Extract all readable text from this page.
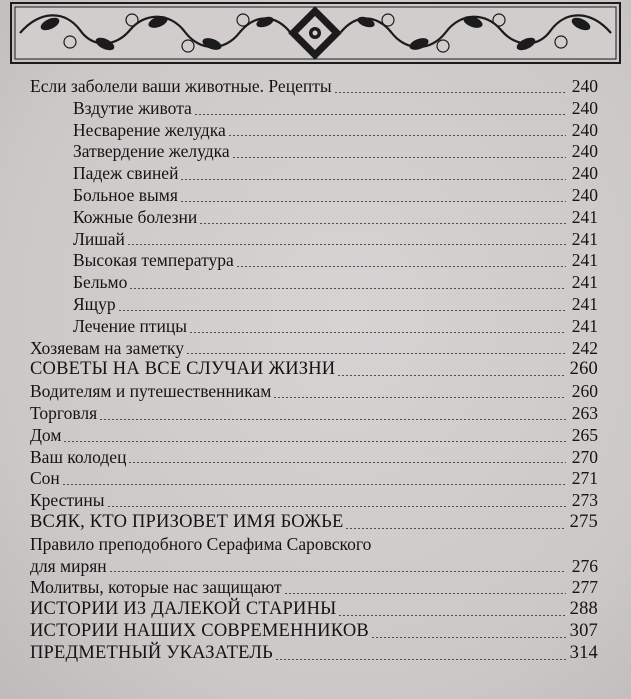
Если заболели ваши животные. Рецепты	240
Вздутие живота	240
Несварение желудка	240
Затвердение желудка	240
Падеж свиней	240
Больное вымя	240
Кожные болезни	241
Лишай	241
Высокая температура	241
Бельмо	241
Ящур	241
Лечение птицы	241
Хозяевам на заметку	242
СОВЕТЫ НА ВСЕ СЛУЧАИ ЖИЗНИ	260
Водителям и путешественникам	260
Торговля	263
Дом	265
Ваш колодец	270
Сон	271
Крестины	273
ВСЯК, КТО ПРИЗОВЕТ ИМЯ БОЖЬЕ	275
Правило преподобного Серафима Саровского
для мирян	276
Молитвы, которые нас защищают	277
ИСТОРИИ ИЗ ДАЛЕКОЙ СТАРИНЫ	288
ИСТОРИИ НАШИХ СОВРЕМЕННИКОВ	307
ПРЕДМЕТНЫЙ УКАЗАТЕЛЬ	314
